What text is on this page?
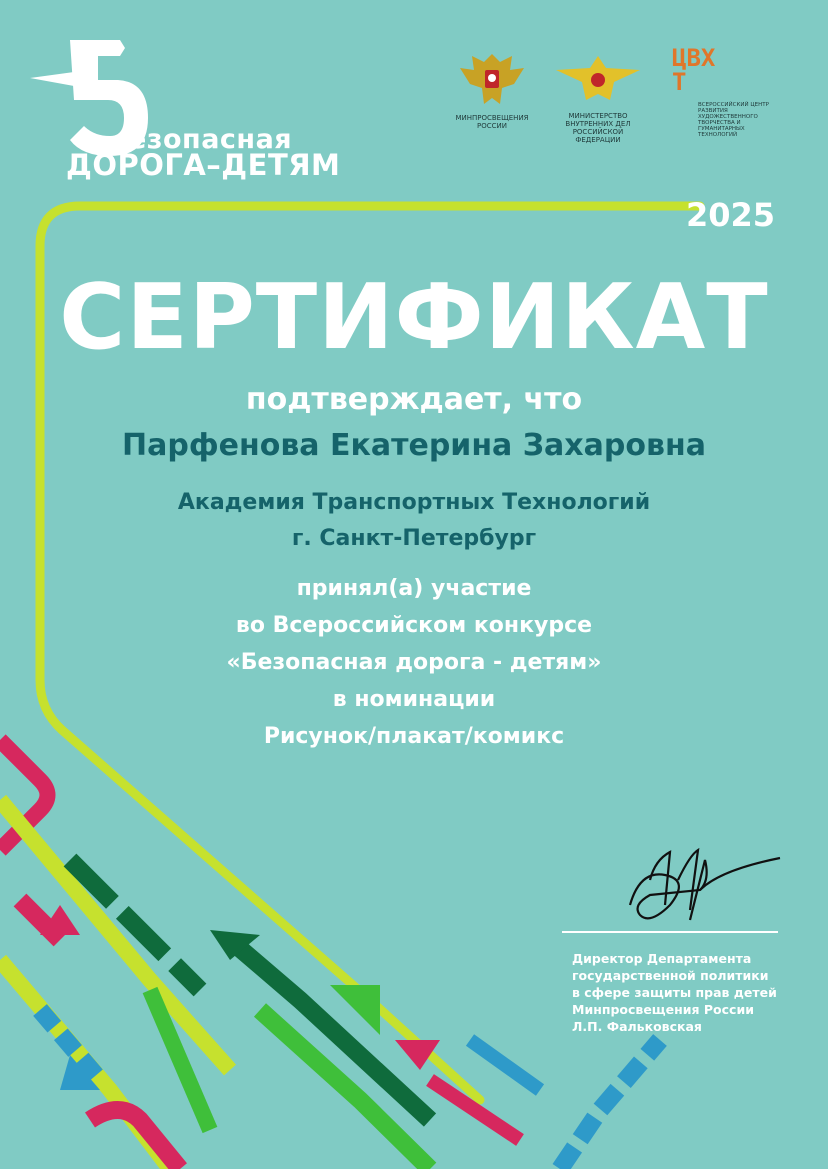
езопасная
ДОРОГА–ДЕТЯМ
МИНПРОСВЕЩЕНИЯ
РОССИИ
МИНИСТЕРСТВО ВНУТРЕННИХ ДЕЛ
РОССИЙСКОЙ ФЕДЕРАЦИИ
ЦВХТ
ВСЕРОССИЙСКИЙ ЦЕНТР
РАЗВИТИЯ ХУДОЖЕСТВЕННОГО
ТВОРЧЕСТВА И ГУМАНИТАРНЫХ
ТЕХНОЛОГИЙ
2025
СЕРТИФИКАТ
подтверждает, что
Парфенова Екатерина Захаровна
Академия Транспортных Технологий
г. Санкт-Петербург
принял(а) участие
во Всероссийском конкурсе
«Безопасная дорога - детям»
в номинации
Рисунок/плакат/комикс
Директор Департамента
государственной политики
в сфере защиты прав детей
Минпросвещения России
Л.П. Фальковская
